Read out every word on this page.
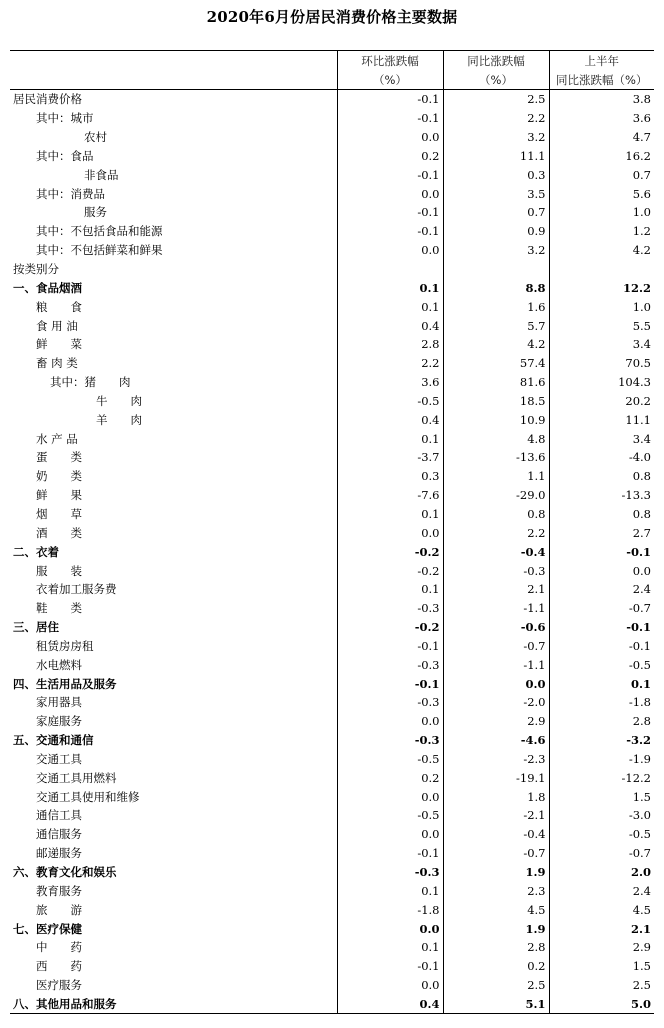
2020年6月份居民消费价格主要数据

	环比涨跌幅	同比涨跌幅	上半年
	（%）	（%）	同比涨跌幅（%）
居民消费价格	-0.1	2.5	3.8
其中：城市	-0.1	2.2	3.6
农村	0.0	3.2	4.7
其中：食品	0.2	11.1	16.2
非食品	-0.1	0.3	0.7
其中：消费品	0.0	3.5	5.6
服务	-0.1	0.7	1.0
其中：不包括食品和能源	-0.1	0.9	1.2
其中：不包括鲜菜和鲜果	0.0	3.2	4.2
按类别分			
一、食品烟酒	0.1	8.8	12.2
粮　　食	0.1	1.6	1.0
食 用 油	0.4	5.7	5.5
鲜　　菜	2.8	4.2	3.4
畜 肉 类	2.2	57.4	70.5
其中：猪　　肉	3.6	81.6	104.3
牛　　肉	-0.5	18.5	20.2
羊　　肉	0.4	10.9	11.1
水 产 品	0.1	4.8	3.4
蛋　　类	-3.7	-13.6	-4.0
奶　　类	0.3	1.1	0.8
鲜　　果	-7.6	-29.0	-13.3
烟　　草	0.1	0.8	0.8
酒　　类	0.0	2.2	2.7
二、衣着	-0.2	-0.4	-0.1
服　　装	-0.2	-0.3	0.0
衣着加工服务费	0.1	2.1	2.4
鞋　　类	-0.3	-1.1	-0.7
三、居住	-0.2	-0.6	-0.1
租赁房房租	-0.1	-0.7	-0.1
水电燃料	-0.3	-1.1	-0.5
四、生活用品及服务	-0.1	0.0	0.1
家用器具	-0.3	-2.0	-1.8
家庭服务	0.0	2.9	2.8
五、交通和通信	-0.3	-4.6	-3.2
交通工具	-0.5	-2.3	-1.9
交通工具用燃料	0.2	-19.1	-12.2
交通工具使用和维修	0.0	1.8	1.5
通信工具	-0.5	-2.1	-3.0
通信服务	0.0	-0.4	-0.5
邮递服务	-0.1	-0.7	-0.7
六、教育文化和娱乐	-0.3	1.9	2.0
教育服务	0.1	2.3	2.4
旅　　游	-1.8	4.5	4.5
七、医疗保健	0.0	1.9	2.1
中　　药	0.1	2.8	2.9
西　　药	-0.1	0.2	1.5
医疗服务	0.0	2.5	2.5
八、其他用品和服务	0.4	5.1	5.0
